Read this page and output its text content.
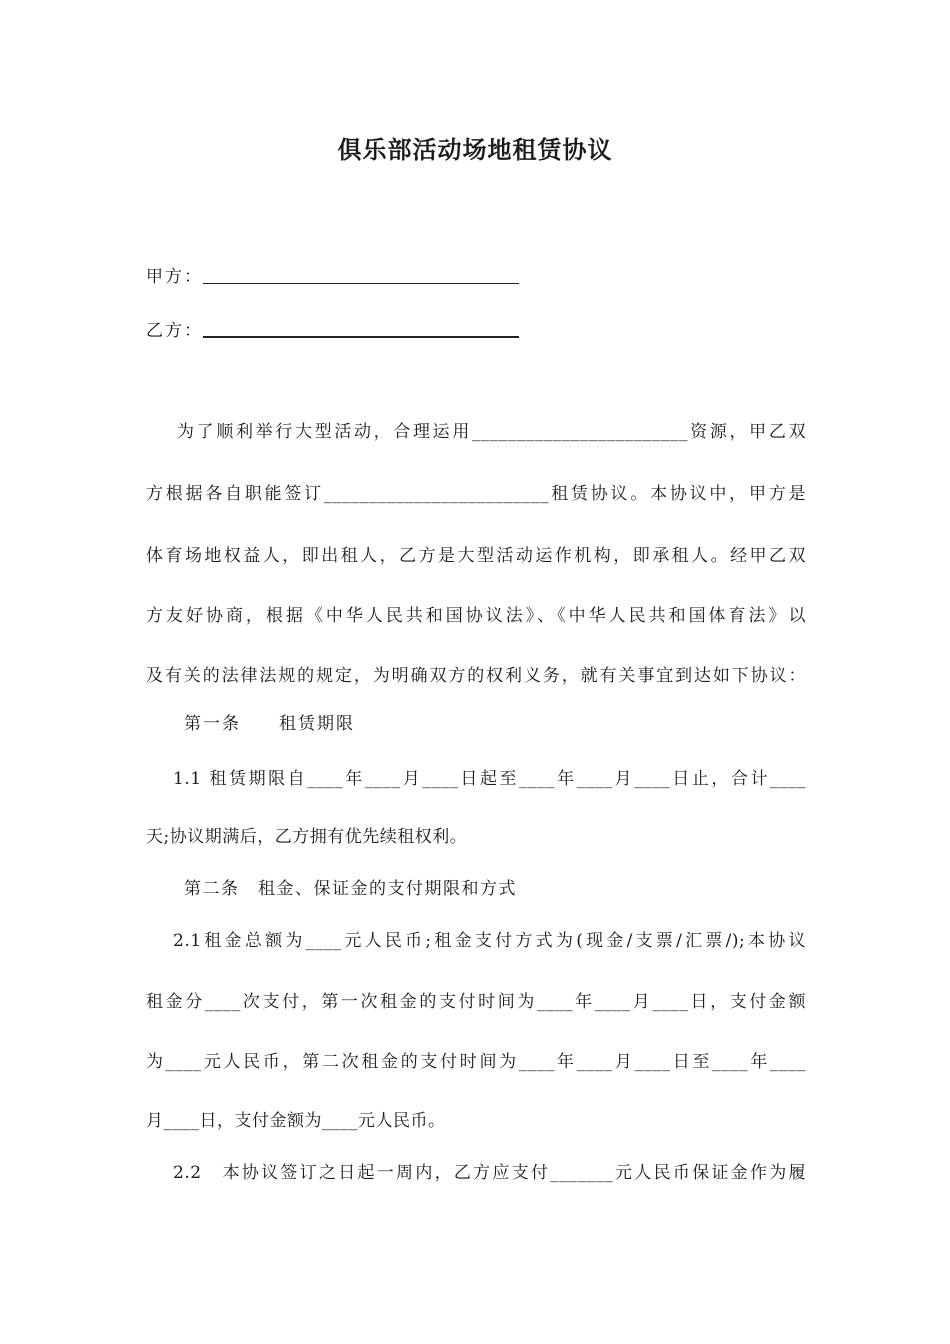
俱乐部活动场地租赁协议
甲方：
乙方：
为了顺利举行大型活动，合理运用________________________资源，甲乙双
方根据各自职能签订_________________________租赁协议。本协议中，甲方是
体育场地权益人，即出租人，乙方是大型活动运作机构，即承租人。经甲乙双
方友好协商，根据《中华人民共和国协议法》、《中华人民共和国体育法》以
及有关的法律法规的规定，为明确双方的权利义务，就有关事宜到达如下协议：
第一条　　租赁期限
1.1 租赁期限自____年____月____日起至____年____月____日止，合计____
天;协议期满后，乙方拥有优先续租权利。
第二条　租金、保证金的支付期限和方式
2.1租金总额为____元人民币;租金支付方式为(现金/支票/汇票/);本协议
租金分____次支付，第一次租金的支付时间为____年____月____日，支付金额
为____元人民币，第二次租金的支付时间为____年____月____日至____年____
月____日，支付金额为____元人民币。
2.2　本协议签订之日起一周内，乙方应支付_______元人民币保证金作为履
